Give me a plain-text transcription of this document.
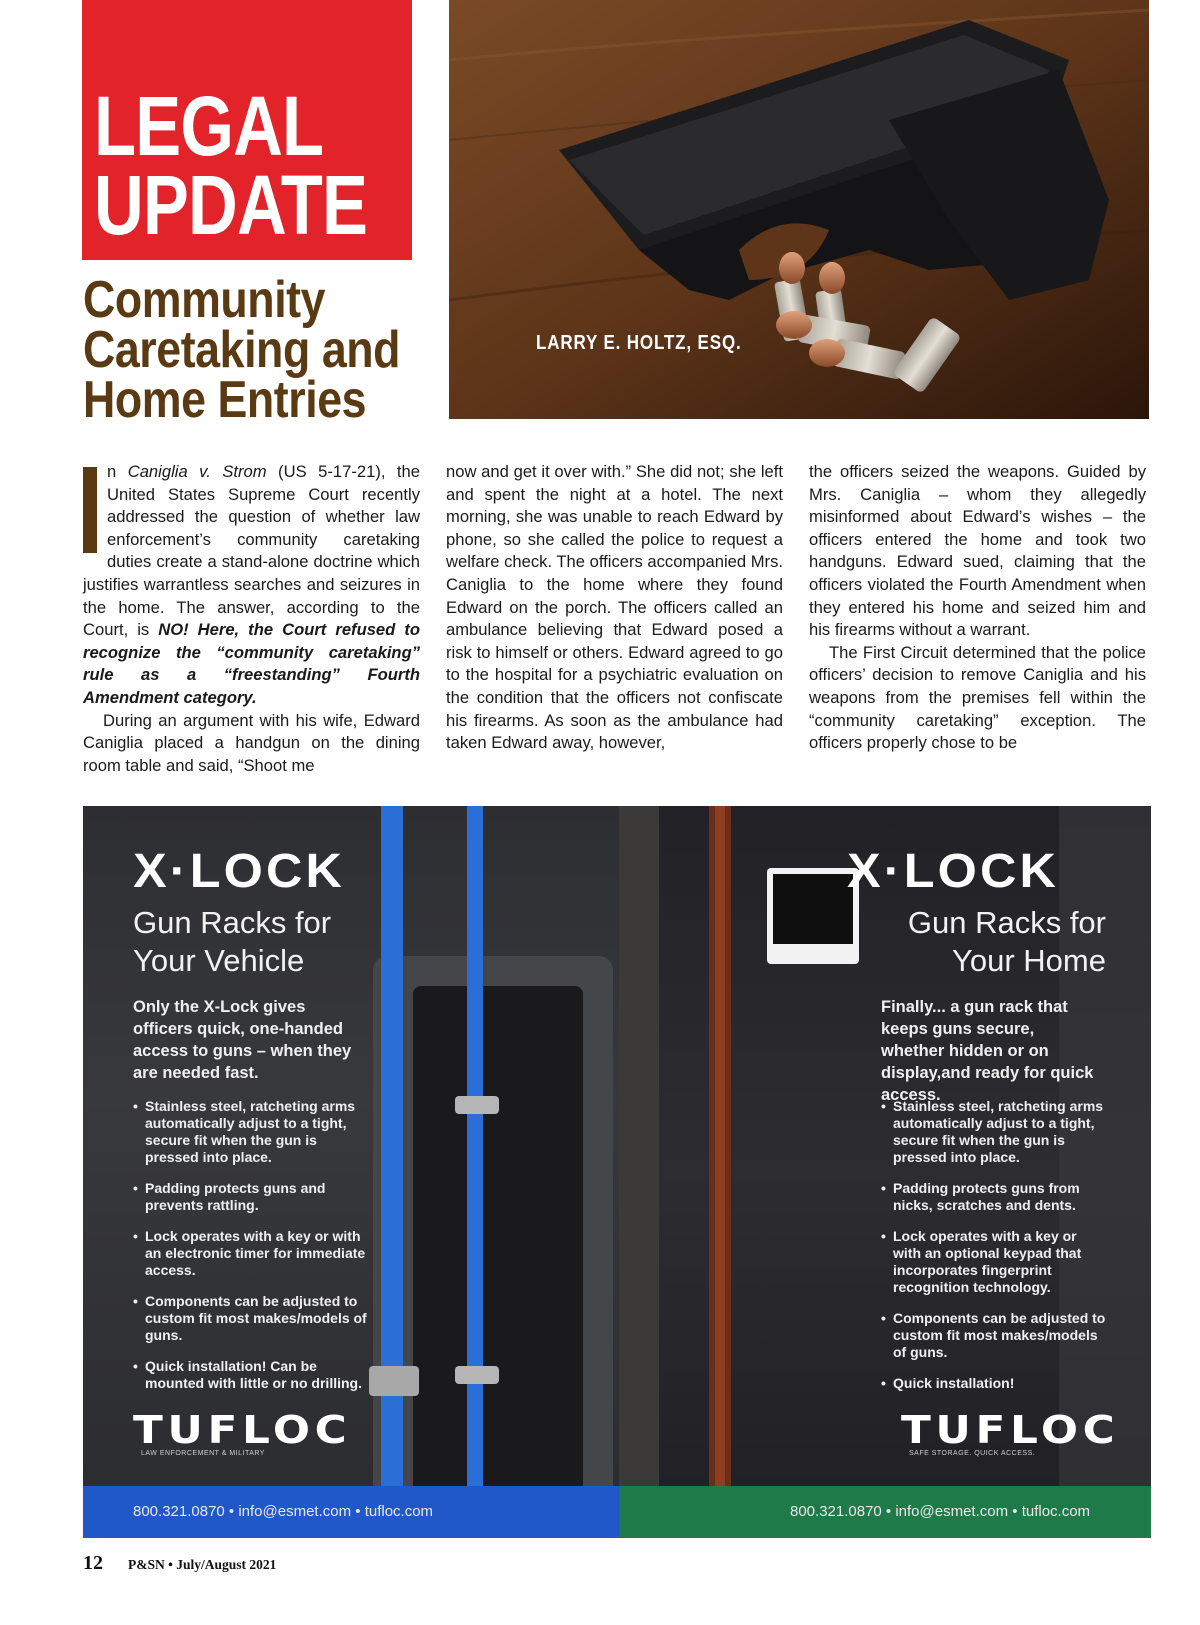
LEGAL
UPDATE
Community
Caretaking and
Home Entries
LARRY E. HOLTZ, ESQ.

n Caniglia v. Strom (US 5-17-21), the United States Supreme Court recently addressed the question of whether law enforcement’s community caretaking duties create a stand-alone doctrine which justifies warrantless searches and seizures in the home. The answer, according to the Court, is NO! Here, the Court refused to recognize the “community caretaking” rule as a “freestanding” Fourth Amendment category.

During an argument with his wife, Edward Caniglia placed a handgun on the dining room table and said, “Shoot me

now and get it over with.” She did not; she left and spent the night at a hotel. The next morning, she was unable to reach Edward by phone, so she called the police to request a welfare check. The officers accompanied Mrs. Caniglia to the home where they found Edward on the porch. The officers called an ambulance believing that Edward posed a risk to himself or others. Edward agreed to go to the hospital for a psychiatric evaluation on the condition that the officers not confiscate his firearms. As soon as the ambulance had taken Edward away, however,

the officers seized the weapons. Guided by Mrs. Caniglia – whom they allegedly misinformed about Edward’s wishes – the officers entered the home and took two handguns. Edward sued, claiming that the officers violated the Fourth Amendment when they entered his home and seized him and his firearms without a warrant.

The First Circuit determined that the police officers’ decision to remove Caniglia and his weapons from the premises fell within the “community caretaking” exception. The officers properly chose to be

X·LOCK
Gun Racks for
Your Vehicle
Only the X-Lock gives officers quick, one-handed access to guns – when they are needed fast.
• Stainless steel, ratcheting arms automatically adjust to a tight, secure fit when the gun is pressed into place.
• Padding protects guns and prevents rattling.
• Lock operates with a key or with an electronic timer for immediate access.
• Components can be adjusted to custom fit most makes/models of guns.
• Quick installation! Can be mounted with little or no drilling.
TUFLOC
LAW ENFORCEMENT & MILITARY
800.321.0870 • info@esmet.com • tufloc.com
X·LOCK
Gun Racks for
Your Home
Finally... a gun rack that keeps guns secure, whether hidden or on display,and ready for quick access.
• Stainless steel, ratcheting arms automatically adjust to a tight, secure fit when the gun is pressed into place.
• Padding protects guns from nicks, scratches and dents.
• Lock operates with a key or with an optional keypad that incorporates fingerprint recognition technology.
• Components can be adjusted to custom fit most makes/models of guns.
• Quick installation!
TUFLOC
SAFE STORAGE. QUICK ACCESS.
800.321.0870 • info@esmet.com • tufloc.com
12 P&SN • July/August 2021
